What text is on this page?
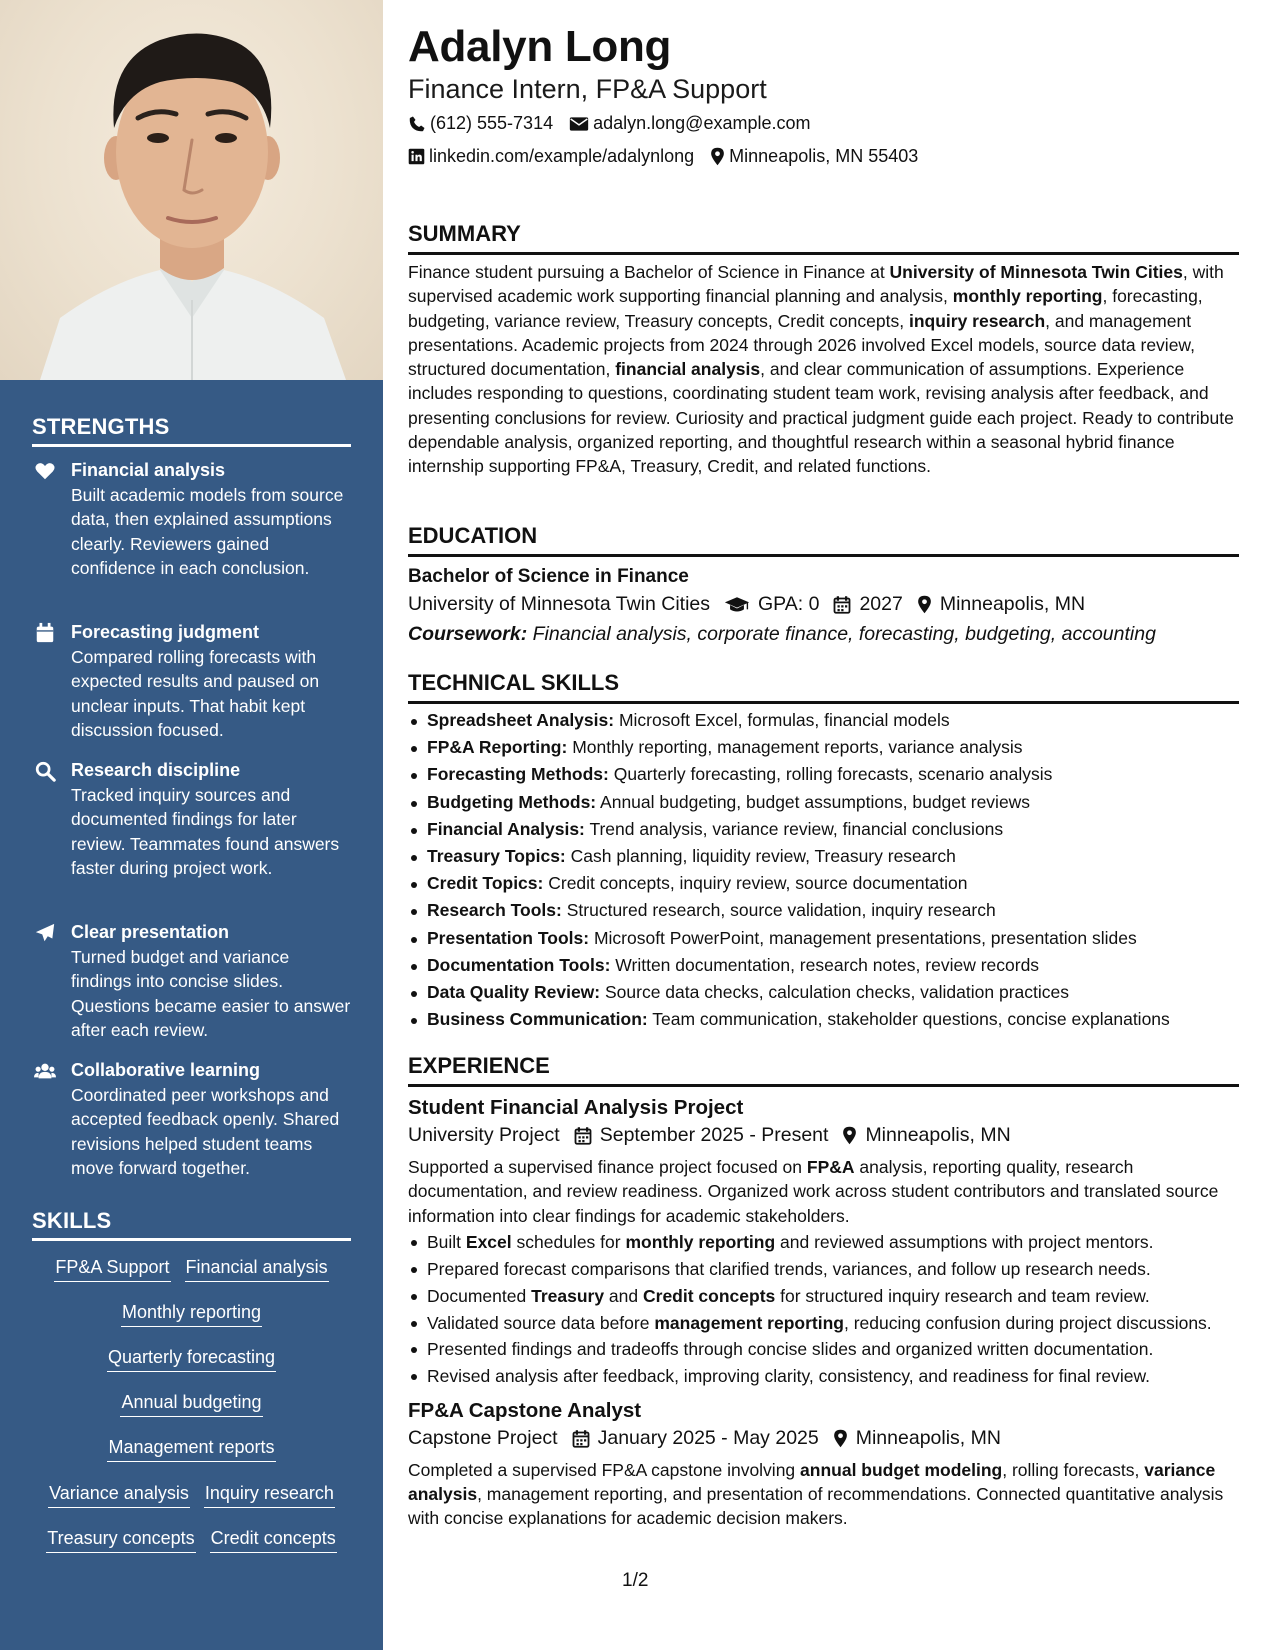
STRENGTHS
Financial analysis
Built academic models from source data, then explained assumptions clearly. Reviewers gained confidence in each conclusion.
Forecasting judgment
Compared rolling forecasts with expected results and paused on unclear inputs. That habit kept discussion focused.
Research discipline
Tracked inquiry sources and documented findings for later review. Teammates found answers faster during project work.
Clear presentation
Turned budget and variance findings into concise slides. Questions became easier to answer after each review.
Collaborative learning
Coordinated peer workshops and accepted feedback openly. Shared revisions helped student teams move forward together.
SKILLS
FP&A Support Financial analysis
Monthly reporting
Quarterly forecasting
Annual budgeting
Management reports
Variance analysis Inquiry research
Treasury concepts Credit concepts
Adalyn Long
Finance Intern, FP&A Support
(612) 555-7314 adalyn.long@example.com
linkedin.com/example/adalynlong Minneapolis, MN 55403
SUMMARY
Finance student pursuing a Bachelor of Science in Finance at University of Minnesota Twin Cities, with supervised academic work supporting financial planning and analysis, monthly reporting, forecasting, budgeting, variance review, Treasury concepts, Credit concepts, inquiry research, and management presentations. Academic projects from 2024 through 2026 involved Excel models, source data review, structured documentation, financial analysis, and clear communication of assumptions. Experience includes responding to questions, coordinating student team work, revising analysis after feedback, and presenting conclusions for review. Curiosity and practical judgment guide each project. Ready to contribute dependable analysis, organized reporting, and thoughtful research within a seasonal hybrid finance internship supporting FP&A, Treasury, Credit, and related functions.
EDUCATION
Bachelor of Science in Finance
University of Minnesota Twin Cities GPA: 0 2027 Minneapolis, MN
Coursework: Financial analysis, corporate finance, forecasting, budgeting, accounting
TECHNICAL SKILLS
Spreadsheet Analysis: Microsoft Excel, formulas, financial models
FP&A Reporting: Monthly reporting, management reports, variance analysis
Forecasting Methods: Quarterly forecasting, rolling forecasts, scenario analysis
Budgeting Methods: Annual budgeting, budget assumptions, budget reviews
Financial Analysis: Trend analysis, variance review, financial conclusions
Treasury Topics: Cash planning, liquidity review, Treasury research
Credit Topics: Credit concepts, inquiry review, source documentation
Research Tools: Structured research, source validation, inquiry research
Presentation Tools: Microsoft PowerPoint, management presentations, presentation slides
Documentation Tools: Written documentation, research notes, review records
Data Quality Review: Source data checks, calculation checks, validation practices
Business Communication: Team communication, stakeholder questions, concise explanations
EXPERIENCE
Student Financial Analysis Project
University Project September 2025 - Present Minneapolis, MN
Supported a supervised finance project focused on FP&A analysis, reporting quality, research documentation, and review readiness. Organized work across student contributors and translated source information into clear findings for academic stakeholders.
Built Excel schedules for monthly reporting and reviewed assumptions with project mentors.
Prepared forecast comparisons that clarified trends, variances, and follow up research needs.
Documented Treasury and Credit concepts for structured inquiry research and team review.
Validated source data before management reporting, reducing confusion during project discussions.
Presented findings and tradeoffs through concise slides and organized written documentation.
Revised analysis after feedback, improving clarity, consistency, and readiness for final review.
FP&A Capstone Analyst
Capstone Project January 2025 - May 2025 Minneapolis, MN
Completed a supervised FP&A capstone involving annual budget modeling, rolling forecasts, variance analysis, management reporting, and presentation of recommendations. Connected quantitative analysis with concise explanations for academic decision makers.
1/2
